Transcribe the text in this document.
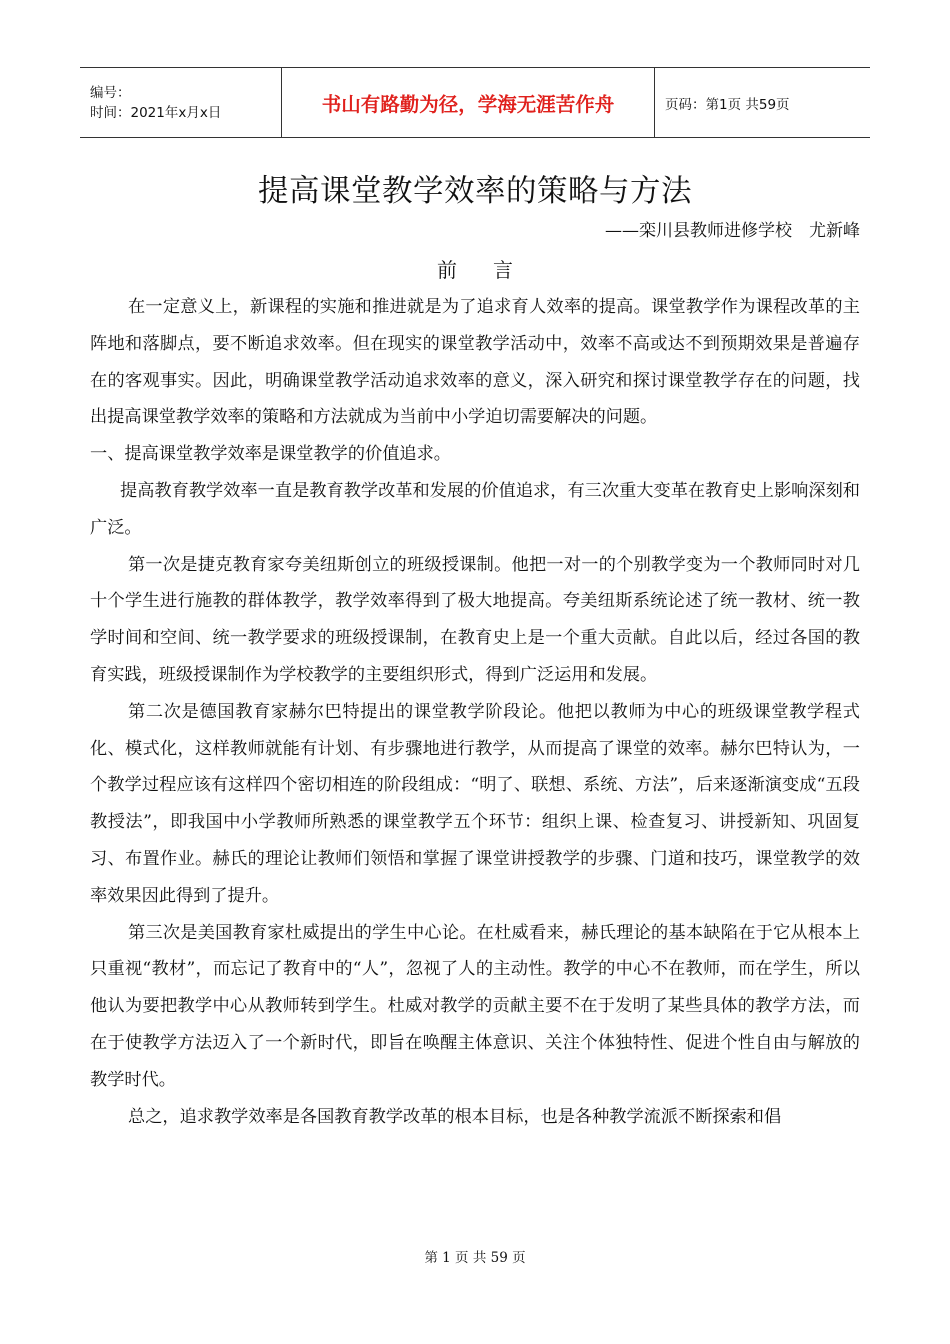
编号：
时间：2021年x月x日	书山有路勤为径，学海无涯苦作舟	页码：第1页 共59页
提高课堂教学效率的策略与方法
——栾川县教师进修学校　尤新峰
前言

在一定意义上，新课程的实施和推进就是为了追求育人效率的提高。课堂教学作为课程改革的主阵地和落脚点，要不断追求效率。但在现实的课堂教学活动中，效率不高或达不到预期效果是普遍存在的客观事实。因此，明确课堂教学活动追求效率的意义，深入研究和探讨课堂教学存在的问题，找出提高课堂教学效率的策略和方法就成为当前中小学迫切需要解决的问题。

一、提高课堂教学效率是课堂教学的价值追求。

提高教育教学效率一直是教育教学改革和发展的价值追求，有三次重大变革在教育史上影响深刻和广泛。

第一次是捷克教育家夸美纽斯创立的班级授课制。他把一对一的个别教学变为一个教师同时对几十个学生进行施教的群体教学，教学效率得到了极大地提高。夸美纽斯系统论述了统一教材、统一教学时间和空间、统一教学要求的班级授课制，在教育史上是一个重大贡献。自此以后，经过各国的教育实践，班级授课制作为学校教学的主要组织形式，得到广泛运用和发展。

第二次是德国教育家赫尔巴特提出的课堂教学阶段论。他把以教师为中心的班级课堂教学程式化、模式化，这样教师就能有计划、有步骤地进行教学，从而提高了课堂的效率。赫尔巴特认为，一个教学过程应该有这样四个密切相连的阶段组成：“明了、联想、系统、方法”，后来逐渐演变成“五段教授法”，即我国中小学教师所熟悉的课堂教学五个环节：组织上课、检查复习、讲授新知、巩固复习、布置作业。赫氏的理论让教师们领悟和掌握了课堂讲授教学的步骤、门道和技巧，课堂教学的效率效果因此得到了提升。

第三次是美国教育家杜威提出的学生中心论。在杜威看来，赫氏理论的基本缺陷在于它从根本上只重视“教材”，而忘记了教育中的“人”，忽视了人的主动性。教学的中心不在教师，而在学生，所以他认为要把教学中心从教师转到学生。杜威对教学的贡献主要不在于发明了某些具体的教学方法，而在于使教学方法迈入了一个新时代，即旨在唤醒主体意识、关注个体独特性、促进个性自由与解放的教学时代。

总之，追求教学效率是各国教育教学改革的根本目标，也是各种教学流派不断探索和倡

第 1 页 共 59 页
